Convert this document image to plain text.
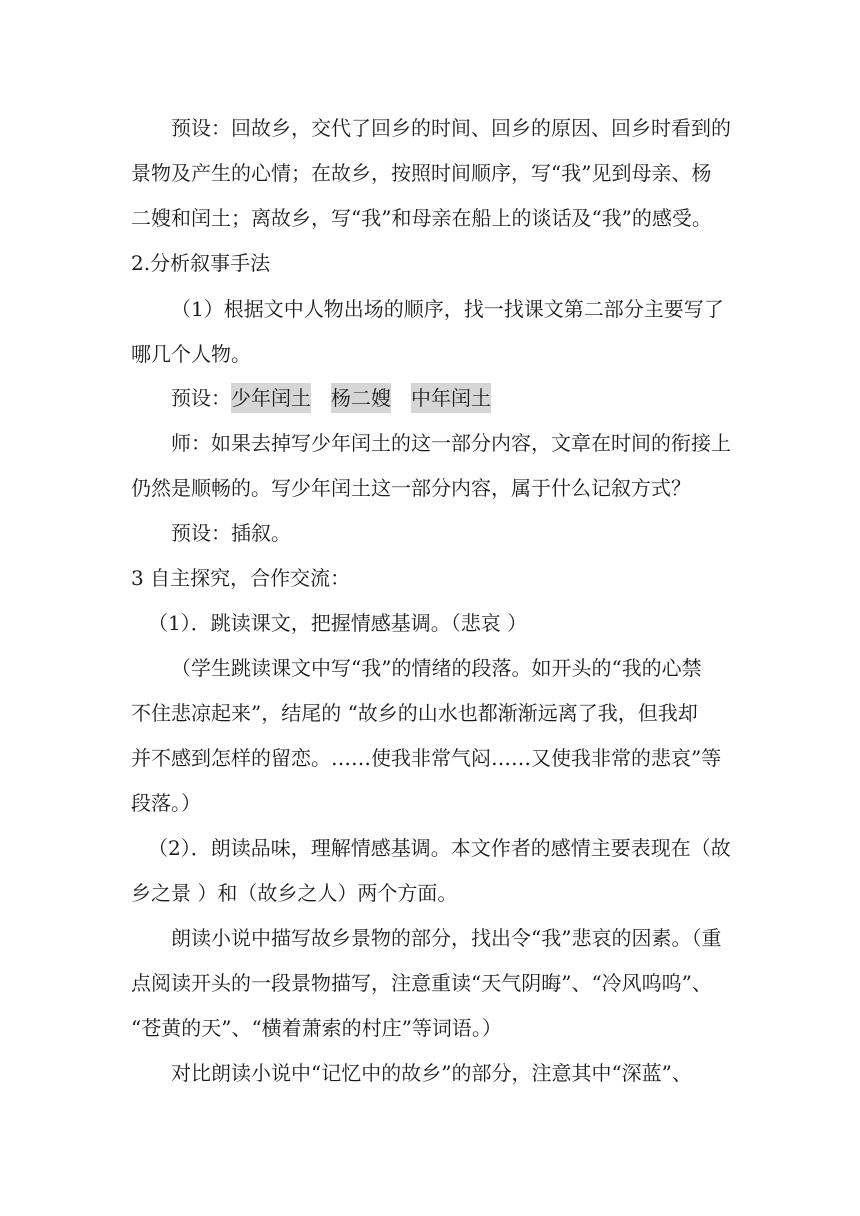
预设：回故乡，交代了回乡的时间、回乡的原因、回乡时看到的

景物及产生的心情；在故乡，按照时间顺序，写“我”见到母亲、杨

二嫂和闰土；离故乡，写“我”和母亲在船上的谈话及“我”的感受。

2.分析叙事手法

（1）根据文中人物出场的顺序，找一找课文第二部分主要写了

哪几个人物。

预设：少年闰土　 杨二嫂　 中年闰土

师：如果去掉写少年闰土的这一部分内容，文章在时间的衔接上

仍然是顺畅的。写少年闰土这一部分内容，属于什么记叙方式？

预设：插叙。

3 自主探究，合作交流：

（1）．跳读课文，把握情感基调。（悲哀 ）

（学生跳读课文中写“我”的情绪的段落。如开头的“我的心禁

不住悲凉起来”，结尾的 “故乡的山水也都渐渐远离了我，但我却

并不感到怎样的留恋。……使我非常气闷……又使我非常的悲哀”等

段落。）

（2）．朗读品味，理解情感基调。本文作者的感情主要表现在（故

乡之景 ）和（故乡之人）两个方面。

朗读小说中描写故乡景物的部分，找出令“我”悲哀的因素。（重

点阅读开头的一段景物描写，注意重读“天气阴晦”、“冷风呜呜”、

“苍黄的天”、“横着萧索的村庄”等词语。）

对比朗读小说中“记忆中的故乡”的部分，注意其中“深蓝”、
